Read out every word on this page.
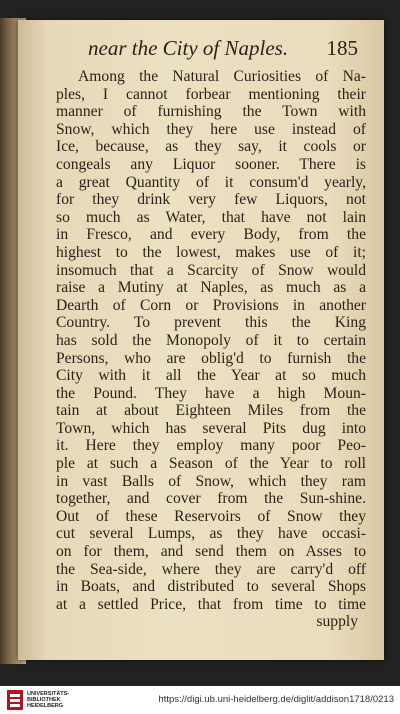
near the City of Naples. 185
Among the Natural Curiosities of Na-
ples, I cannot forbear mentioning their
manner of furnishing the Town with
Snow, which they here use instead of
Ice, because, as they say, it cools or
congeals any Liquor sooner. There is
a great Quantity of it consum'd yearly,
for they drink very few Liquors, not
so much as Water, that have not lain
in Fresco, and every Body, from the
highest to the lowest, makes use of it;
insomuch that a Scarcity of Snow would
raise a Mutiny at Naples, as much as a
Dearth of Corn or Provisions in another
Country. To prevent this the King
has sold the Monopoly of it to certain
Persons, who are oblig'd to furnish the
City with it all the Year at so much
the Pound. They have a high Moun-
tain at about Eighteen Miles from the
Town, which has several Pits dug into
it. Here they employ many poor Peo-
ple at such a Season of the Year to roll
in vast Balls of Snow, which they ram
together, and cover from the Sun-shine.
Out of these Reservoirs of Snow they
cut several Lumps, as they have occasi-
on for them, and send them on Asses to
the Sea-side, where they are carry'd off
in Boats, and distributed to several Shops
at a settled Price, that from time to time
supply
UNIVERSITÄTS-
BIBLIOTHEK
HEIDELBERG
https://digi.ub.uni-heidelberg.de/diglit/addison1718/0213
